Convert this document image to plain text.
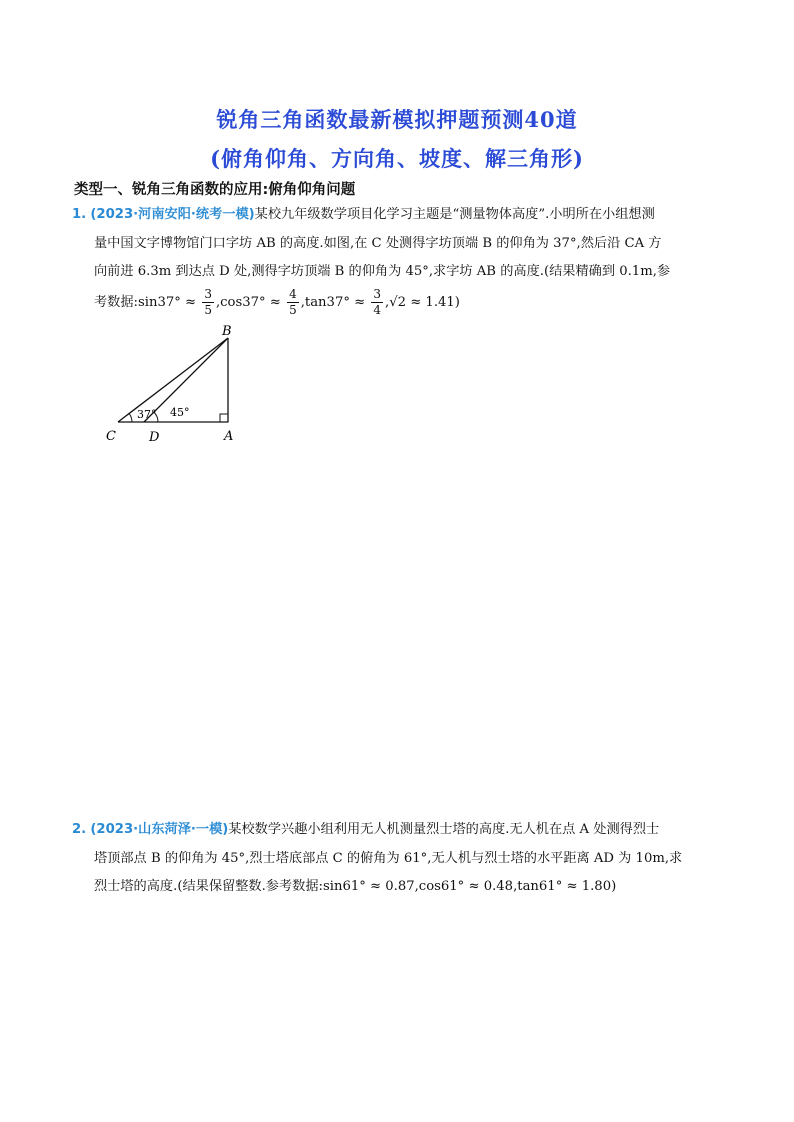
锐角三角函数最新模拟押题预测40道
(俯角仰角、方向角、坡度、解三角形)
类型一、锐角三角函数的应用:俯角仰角问题
1. (2023·河南安阳·统考一模)某校九年级数学项目化学习主题是“测量物体高度”.小明所在小组想测
量中国文字博物馆门口字坊 AB 的高度.如图,在 C 处测得字坊顶端 B 的仰角为 37°,然后沿 CA 方
向前进 6.3m 到达点 D 处,测得字坊顶端 B 的仰角为 45°,求字坊 AB 的高度.(结果精确到 0.1m,参
考数据:sin37° ≈ $\frac{3}{5} ,\cos 37^\circ \approx \frac{4}{5} ,\tan 37^\circ \approx \frac{3}{4} ,√2 \approx 1.41$)
B
C	D	A
37° 45°
2. (2023·山东菏泽·一模)某校数学兴趣小组利用无人机测量烈士塔的高度.无人机在点 A 处测得烈士
塔顶部点 B 的仰角为 45°,烈士塔底部点 C 的俯角为 61°,无人机与烈士塔的水平距离 AD 为 10m,求
烈士塔的高度.(结果保留整数.参考数据:sin61° ≈ 0.87,cos61° ≈ 0.48,tan61° ≈ 1.80)
